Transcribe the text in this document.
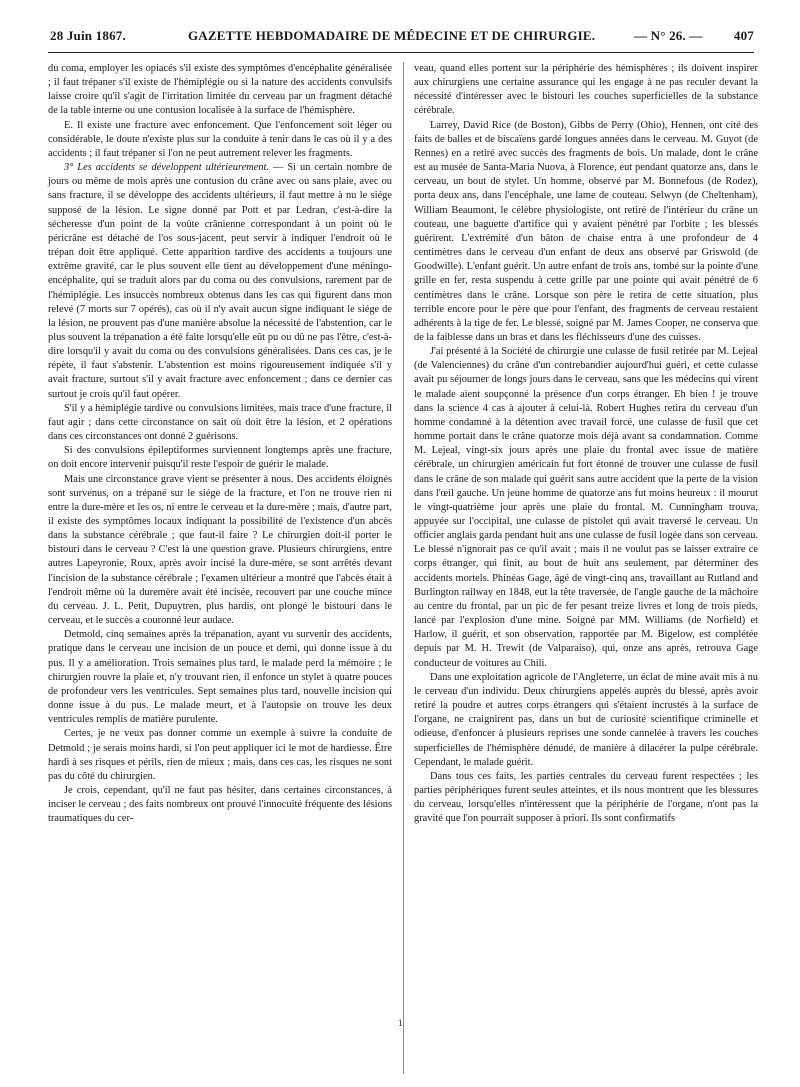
28 Juin 1867.	GAZETTE HEBDOMADAIRE DE MÉDECINE ET DE CHIRURGIE.	— N° 26. — 407

du coma, employer les opiacés s'il existe des symptômes d'encéphalite généralisée ; il faut trépaner s'il existe de l'hémiplégie ou si la nature des accidents convulsifs laisse croire qu'il s'agit de l'irritation limitée du cerveau par un fragment détaché de la table interne ou une contusion localisée à la surface de l'hémisphère.

E. Il existe une fracture avec enfoncement. Que l'enfoncement soit léger ou considérable, le doute n'existe plus sur la conduite à tenir dans le cas où il y a des accidents ; il faut trépaner si l'on ne peut autrement relever les fragments.

3° Les accidents se développent ultérieurement. — Si un certain nombre de jours ou même de mois après une contusion du crâne avec ou sans plaie, avec ou sans fracture, il se développe des accidents ultérieurs, il faut mettre à nu le siége supposé de la lésion. Le signe donné par Pott et par Ledran, c'est-à-dire la sécheresse d'un point de la voûte crânienne correspondant à un point où le péricrâne est détaché de l'os sous-jacent, peut servir à indiquer l'endroit où le trépan doit être appliqué. Cette apparition tardive des accidents a toujours une extrême gravité, car le plus souvent elle tient au développement d'une méningo-encéphalite, qui se traduit alors par du coma ou des convulsions, rarement par de l'hémiplégie. Les insuccès nombreux obtenus dans les cas qui figurent dans mon relevé (7 morts sur 7 opérés), cas où il n'y avait aucun signe indiquant le siége de la lésion, ne prouvent pas d'une manière absolue la nécessité de l'abstention, car le plus souvent la trépanation a été faite lorsqu'elle eût pu ou dû ne pas l'être, c'est-à-dire lorsqu'il y avait du coma ou des convulsions généralisées. Dans ces cas, je le répète, il faut s'abstenir. L'abstention est moins rigoureusement indiquée s'il y avait fracture, surtout s'il y avait fracture avec enfoncement ; dans ce dernier cas surtout je crois qu'il faut opérer.

S'il y a hémiplégie tardive ou convulsions limitées, mais trace d'une fracture, il faut agir ; dans cette circonstance on sait où doit être la lésion, et 2 opérations dans ces circonstances ont donné 2 guérisons.

Si des convulsions épileptiformes surviennent longtemps après une fracture, on doit encore intervenir puisqu'il reste l'espoir de guérir le malade.

Mais une circonstance grave vient se présenter à nous. Des accidents éloignés sont survenus, on a trépané sur le siége de la fracture, et l'on ne trouve rien ni entre la dure-mère et les os, ni entre le cerveau et la dure-mère ; mais, d'autre part, il existe des symptômes locaux indiquant la possibilité de l'existence d'un abcès dans la substance cérébrale ; que faut-il faire ? Le chirurgien doit-il porter le bistouri dans le cerveau ? C'est là une question grave. Plusieurs chirurgiens, entre autres Lapeyronie, Roux, après avoir incisé la dure-mère, se sont arrêtés devant l'incision de la substance cérébrale ; l'examen ultérieur a montré que l'abcès était à l'endroit même où la duremère avait été incisée, recouvert par une couche mince du cerveau. J. L. Petit, Dupuytren, plus hardis, ont plongé le bistouri dans le cerveau, et le succès a couronné leur audace.

Detmold, cinq semaines après la trépanation, ayant vu survenir des accidents, pratique dans le cerveau une incision de un pouce et demi, qui donne issue à du pus. Il y a amélioration. Trois semaines plus tard, le malade perd la mémoire ; le chirurgien rouvre la plaie et, n'y trouvant rien, il enfonce un stylet à quatre pouces de profondeur vers les ventricules. Sept semaines plus tard, nouvelle incision qui donne issue à du pus. Le malade meurt, et à l'autopsie on trouve les deux ventricules remplis de matière purulente.

Certes, je ne veux pas donner comme un exemple à suivre la conduite de Detmold ; je serais moins hardi, si l'on peut appliquer ici le mot de hardiesse. Être hardi à ses risques et périls, rien de mieux ; mais, dans ces cas, les risques ne sont pas du côté du chirurgien.

Je crois, cependant, qu'il ne faut pas hésiter, dans certaines circonstances, à inciser le cerveau ; des faits nombreux ont prouvé l'innocuité fréquente des lésions traumatiques du cer-

veau, quand elles portent sur la périphérie des hémisphères ; ils doivent inspirer aux chirurgiens une certaine assurance qui les engage à ne pas reculer devant la nécessité d'intéresser avec le bistouri les couches superficielles de la substance cérébrale.

Larrey, David Rice (de Boston), Gibbs de Perry (Ohio), Hennen, ont cité des faits de balles et de biscaïens gardé longues années dans le cerveau. M. Guyot (de Rennes) en a retiré avec succès des fragments de bois. Un malade, dont le crâne est au musée de Santa-Maria Nuova, à Florence, eut pendant quatorze ans, dans le cerveau, un bout de stylet. Un homme, observé par M. Bonnefous (de Rodez), porta deux ans, dans l'encéphale, une lame de couteau. Selwyn (de Cheltenham), William Beaumont, le célèbre physiologiste, ont retiré de l'intérieur du crâne un couteau, une baguette d'artifice qui y avaient pénétré par l'orbite ; les blessés guérirent. L'extrémité d'un bâton de chaise entra à une profondeur de 4 centimètres dans le cerveau d'un enfant de deux ans observé par Griswold (de Goodwille). L'enfant guérit. Un autre enfant de trois ans, tombé sur la pointe d'une grille en fer, resta suspendu à cette grille par une pointe qui avait pénétré de 6 centimètres dans le crâne. Lorsque son père le retira de cette situation, plus terrible encore pour le père que pour l'enfant, des fragments de cerveau restaient adhérents à la tige de fer. Le blessé, soigné par M. James Cooper, ne conserva que de la faiblesse dans un bras et dans les fléchisseurs d'une des cuisses.

J'ai présenté à la Société de chirurgie une culasse de fusil retirée par M. Lejeal (de Valenciennes) du crâne d'un contrebandier aujourd'hui guéri, et cette culasse avait pu séjourner de longs jours dans le cerveau, sans que les médecins qui virent le malade aient soupçonné la présence d'un corps étranger. Eh bien ! je trouve dans la science 4 cas à ajouter à celui-là. Robert Hughes retira du cerveau d'un homme condamné à la détention avec travail forcé, une culasse de fusil que cet homme portait dans le crâne quatorze mois déjà avant sa condamnation. Comme M. Lejeal, vingt-six jours après une plaie du frontal avec issue de matière cérébrale, un chirurgien américain fut fort étonné de trouver une culasse de fusil dans le crâne de son malade qui guérit sans autre accident que la perte de la vision dans l'œil gauche. Un jeune homme de quatorze ans fut moins heureux : il mourut le vingt-quatrième jour après une plaie du frontal. M. Cunningham trouva, appuyée sur l'occipital, une culasse de pistolet qui avait traversé le cerveau. Un officier anglais garda pendant huit ans une culasse de fusil logée dans son cerveau. Le blessé n'ignorait pas ce qu'il avait ; mais il ne voulut pas se laisser extraire ce corps étranger, qui finit, au bout de huit ans seulement, par déterminer des accidents mortels. Phinéas Gage, âgé de vingt-cinq ans, travaillant au Rutland and Burlington railway en 1848, eut la tête traversée, de l'angle gauche de la mâchoire au centre du frontal, par un pic de fer pesant treize livres et long de trois pieds, lancé par l'explosion d'une mine. Soigné par MM. Williams (de Norfield) et Harlow, il guérit, et son observation, rapportée par M. Bigelow, est complétée depuis par M. H. Trewit (de Valparaiso), qui, onze ans après, retrouva Gage conducteur de voitures au Chili.

Dans une exploitation agricole de l'Angleterre, un éclat de mine avait mis à nu le cerveau d'un individu. Deux chirurgiens appelés auprès du blessé, après avoir retiré la poudre et autres corps étrangers qui s'étaient incrustés à la surface de l'organe, ne craignirent pas, dans un but de curiosité scientifique criminelle et odieuse, d'enfoncer à plusieurs reprises une sonde cannelée à travers les couches superficielles de l'hémisphère dénudé, de manière à dilacérer la pulpe cérébrale. Cependant, le malade guérit.

Dans tous ces faits, les parties centrales du cerveau furent respectées ; les parties périphériques furent seules atteintes, et ils nous montrent que les blessures du cerveau, lorsqu'elles n'intéressent que la périphérie de l'organe, n'ont pas la gravité que l'on pourrait supposer à priori. Ils sont confirmatifs

1
